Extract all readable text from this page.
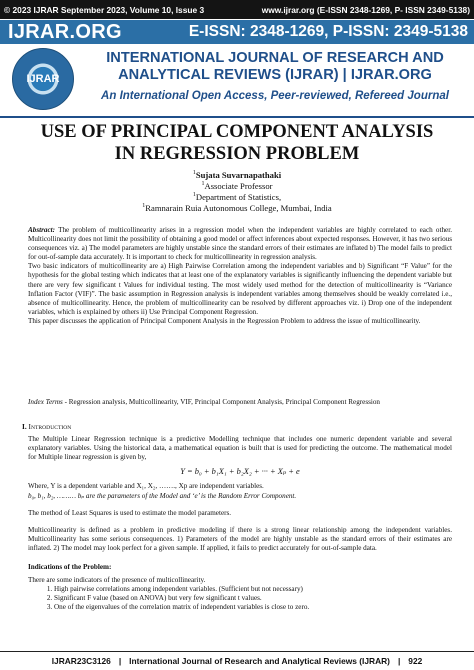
© 2023 IJRAR September 2023, Volume 10, Issue 3	www.ijrar.org (E-ISSN 2348-1269, P- ISSN 2349-5138)
IJRAR.ORG	E-ISSN: 2348-1269, P-ISSN: 2349-5138
IJRAR
INTERNATIONAL JOURNAL OF RESEARCH AND
ANALYTICAL REVIEWS (IJRAR) | IJRAR.ORG
An International Open Access, Peer-reviewed, Refereed Journal
USE OF PRINCIPAL COMPONENT ANALYSIS
IN REGRESSION PROBLEM
$^1$Sujata Suvarnapathaki
$^1$Associate Professor
$^1$Department of Statistics,
$^1$Ramnarain Ruia Autonomous College, Mumbai, India

Abstract: The problem of multicollinearity arises in a regression model when the independent variables are highly correlated to each other. Multicollinearity does not limit the possibility of obtaining a good model or affect inferences about expected responses. However, it has two serious consequences viz. a) The model parameters are highly unstable since the standard errors of their estimates are inflated b) The model fails to predict for out-of-sample data accurately. It is important to check for multicollinearity in regression analysis.

Two basic indicators of multicollinearity are a) High Pairwise Correlation among the independent variables and b) Significant “F Value” for the hypothesis for the global testing which indicates that at least one of the explanatory variables is significantly influencing the dependent variable but there are very few significant t Values for individual testing. The most widely used method for the detection of multicollinearity is “Variance Inflation Factor (VIF)”. The basic assumption in Regression analysis is independent variables among themselves should be weakly correlated i.e., absence of multicollinearity. Hence, the problem of multicollinearity can be resolved by different approaches viz. i) Drop one of the independent variables, which is explained by others ii) Use Principal Component Regression.

This paper discusses the application of Principal Component Analysis in the Regression Problem to address the issue of multicollinearity.

Index Terms - Regression analysis, Multicollinearity, VIF, Principal Component Analysis, Principal Component Regression
I. INTRODUCTION
The Multiple Linear Regression technique is a predictive Modelling technique that includes one numeric dependent variable and several explanatory variables. Using the historical data, a mathematical equation is built that is used for predicting the outcome. The mathematical model for Multiple linear regression is given by,
Y = b₀ + b₁X₁ + b₂X₂ + ··· + Xₚ + e
Where, Y is a dependent variable and X₁, X₂, ……., Xp are independent variables.
b₀, b₁, b₂, ……… bₚ are the parameters of the Model and ‘e’ is the Random Error Component.
The method of Least Squares is used to estimate the model parameters.
Multicollinearity is defined as a problem in predictive modeling if there is a strong linear relationship among the independent variables. Multicollinearity has some serious consequences. 1) Parameters of the model are highly unstable as the standard errors of their estimates are inflated. 2) The model may look perfect for a given sample. If applied, it fails to predict accurately for out-of-sample data.
Indications of the Problem:
There are some indicators of the presence of multicollinearity.
1. High pairwise correlations among independent variables. (Sufficient but not necessary)
2. Significant F value (based on ANOVA) but very few significant t values.
3. One of the eigenvalues of the correlation matrix of independent variables is close to zero.
IJRAR23C3126 | International Journal of Research and Analytical Reviews (IJRAR) | 922
